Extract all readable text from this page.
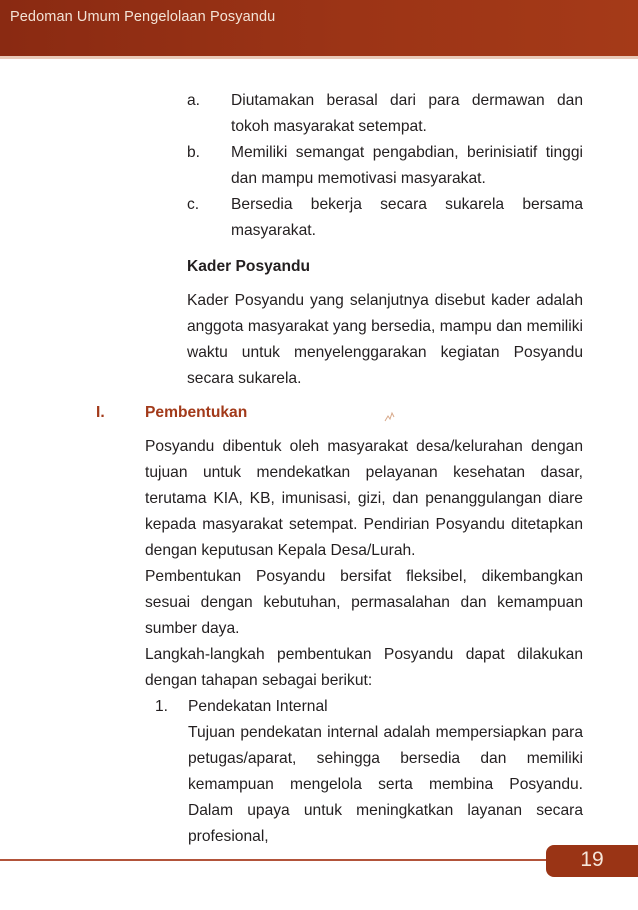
Pedoman Umum Pengelolaan Posyandu
a. Diutamakan berasal dari para dermawan dan tokoh masyarakat setempat.
b. Memiliki semangat pengabdian, berinisiatif tinggi dan mampu memotivasi masyarakat.
c. Bersedia bekerja secara sukarela bersama masyarakat.
Kader Posyandu
Kader Posyandu yang selanjutnya disebut kader adalah anggota masyarakat yang bersedia, mampu dan memiliki waktu untuk menyelenggarakan kegiatan Posyandu secara sukarela.
I.	Pembentukan
Posyandu dibentuk oleh masyarakat desa/kelurahan dengan tujuan untuk mendekatkan pelayanan kesehatan dasar, terutama KIA, KB, imunisasi, gizi, dan penanggulangan diare kepada masyarakat setempat. Pendirian Posyandu ditetapkan dengan keputusan Kepala Desa/Lurah.
Pembentukan Posyandu bersifat fleksibel, dikembangkan sesuai dengan kebutuhan, permasalahan dan kemampuan sumber daya.
Langkah-langkah pembentukan Posyandu dapat dilakukan dengan tahapan sebagai berikut:
1. Pendekatan Internal
Tujuan pendekatan internal adalah mempersiapkan para petugas/aparat, sehingga bersedia dan memiliki kemampuan mengelola serta membina Posyandu. Dalam upaya untuk meningkatkan layanan secara profesional,
19
